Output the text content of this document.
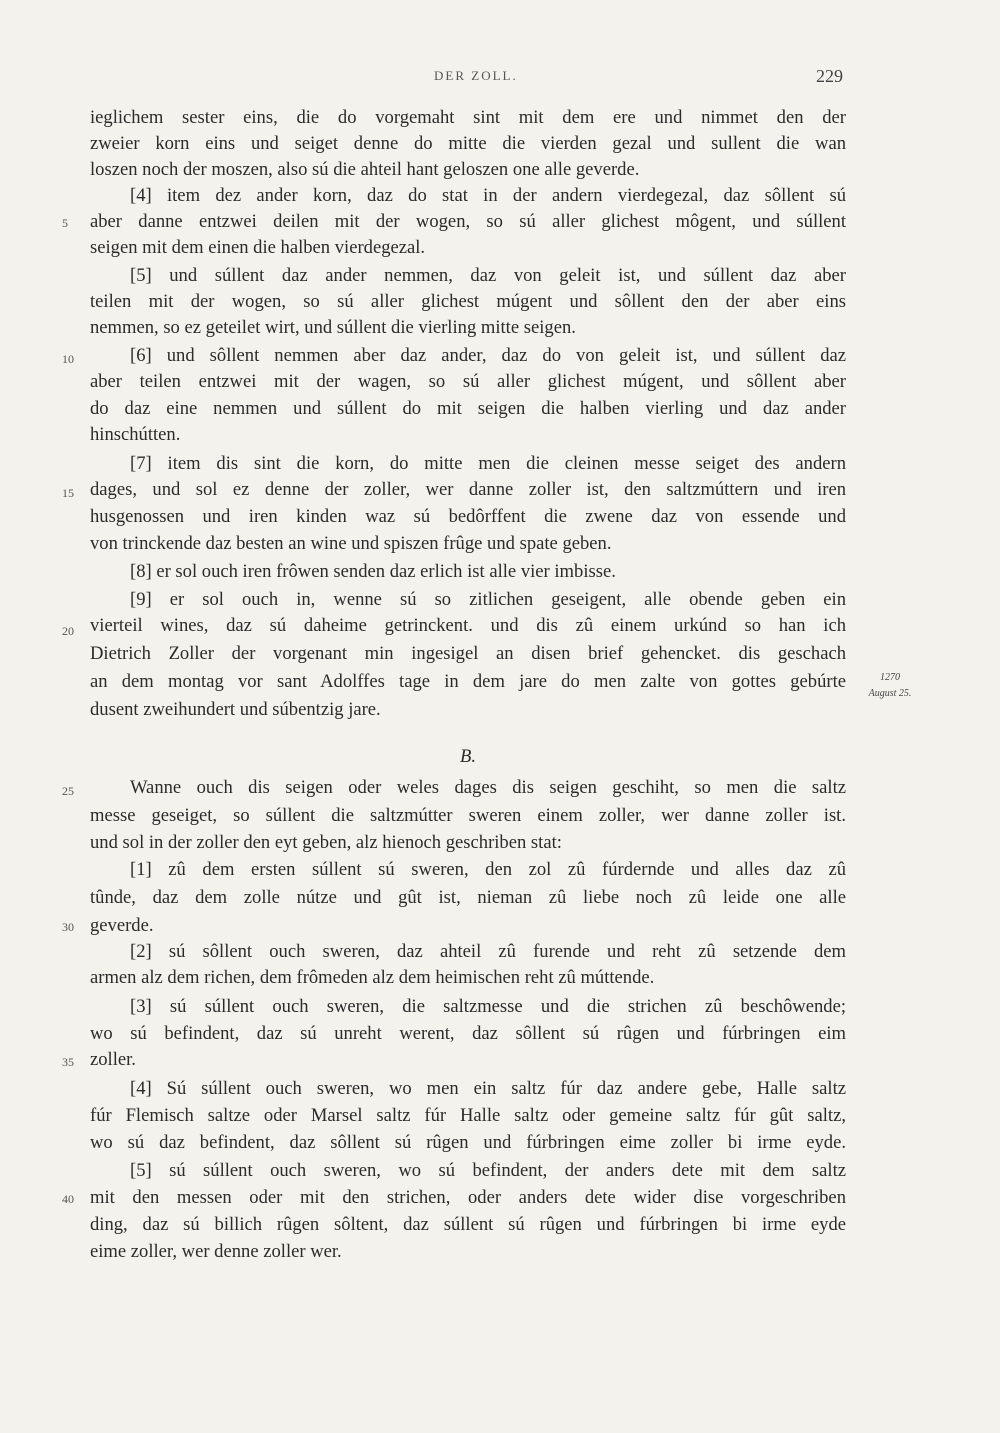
DER ZOLL.	229
ieglichem sester eins, die do vorgemaht sint mit dem ere und nimmet den der
zweier korn eins und seiget denne do mitte die vierden gezal und sullent die wan
loszen noch der moszen, also sú die ahteil hant geloszen one alle geverde.
[4] item dez ander korn, daz do stat in der andern vierdegezal, daz sôllent sú
aber danne entzwei deilen mit der wogen, so sú aller glichest môgent, und súllent
seigen mit dem einen die halben vierdegezal.
[5] und súllent daz ander nemmen, daz von geleit ist, und súllent daz aber
teilen mit der wogen, so sú aller glichest múgent und sôllent den der aber eins
nemmen, so ez geteilet wirt, und súllent die vierling mitte seigen.
[6] und sôllent nemmen aber daz ander, daz do von geleit ist, und súllent daz
aber teilen entzwei mit der wagen, so sú aller glichest múgent, und sôllent aber
do daz eine nemmen und súllent do mit seigen die halben vierling und daz ander
hinschútten.
[7] item dis sint die korn, do mitte men die cleinen messe seiget des andern
dages, und sol ez denne der zoller, wer danne zoller ist, den saltzmúttern und iren
husgenossen und iren kinden waz sú bedôrffent die zwene daz von essende und
von trinckende daz besten an wine und spiszen frûge und spate geben.
[8] er sol ouch iren frôwen senden daz erlich ist alle vier imbisse.
[9] er sol ouch in, wenne sú so zitlichen geseigent, alle obende geben ein
vierteil wines, daz sú daheime getrinckent. und dis zû einem urkúnd so han ich
Dietrich Zoller der vorgenant min ingesigel an disen brief gehencket. dis geschach
an dem montag vor sant Adolffes tage in dem jare do men zalte von gottes gebúrte
dusent zweihundert und súbentzig jare.
B.
Wanne ouch dis seigen oder weles dages dis seigen geschiht, so men die saltz
messe geseiget, so súllent die saltzmútter sweren einem zoller, wer danne zoller ist.
und sol in der zoller den eyt geben, alz hienoch geschriben stat:
[1] zû dem ersten súllent sú sweren, den zol zû fúrdernde und alles daz zû
tûnde, daz dem zolle nútze und gût ist, nieman zû liebe noch zû leide one alle
geverde.
[2] sú sôllent ouch sweren, daz ahteil zû furende und reht zû setzende dem
armen alz dem richen, dem frômeden alz dem heimischen reht zû múttende.
[3] sú súllent ouch sweren, die saltzmesse und die strichen zû beschôwende;
wo sú befindent, daz sú unreht werent, daz sôllent sú rûgen und fúrbringen eim
zoller.
[4] Sú súllent ouch sweren, wo men ein saltz fúr daz andere gebe, Halle saltz
fúr Flemisch saltze oder Marsel saltz fúr Halle saltz oder gemeine saltz fúr gût saltz,
wo sú daz befindent, daz sôllent sú rûgen und fúrbringen eime zoller bi irme eyde.
[5] sú súllent ouch sweren, wo sú befindent, der anders dete mit dem saltz
mit den messen oder mit den strichen, oder anders dete wider dise vorgeschriben
ding, daz sú billich rûgen sôltent, daz súllent sú rûgen und fúrbringen bi irme eyde
eime zoller, wer denne zoller wer.
5
10
15
20
25
30
35
40
1270
August 25.
